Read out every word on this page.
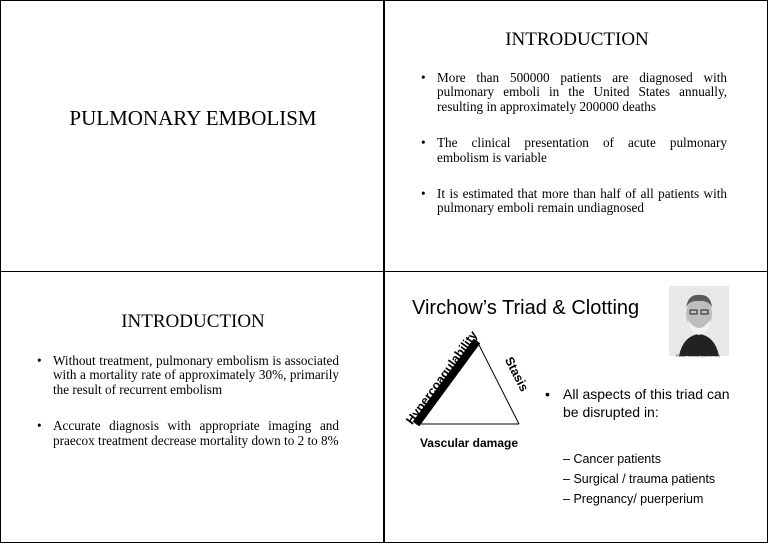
PULMONARY EMBOLISM
INTRODUCTION
• More than 500000 patients are diagnosed with pulmonary emboli in the United States annually, resulting in approximately 200000 deaths
• The clinical presentation of acute pulmonary embolism is variable
• It is estimated that more than half of all patients with pulmonary emboli remain undiagnosed
INTRODUCTION
• Without treatment, pulmonary embolism is associated with a mortality rate of approximately 30%, primarily the result of recurrent embolism
• Accurate diagnosis with appropriate imaging and praecox treatment decrease mortality down to 2 to 8%
Virchow’s Triad & Clotting
Hypercoagulability Stasis
Vascular damage
Rudolf Virchow (1821-1902)
• All aspects of this triad can be disrupted in:
– Cancer patients
– Surgical / trauma patients
– Pregnancy/ puerperium
